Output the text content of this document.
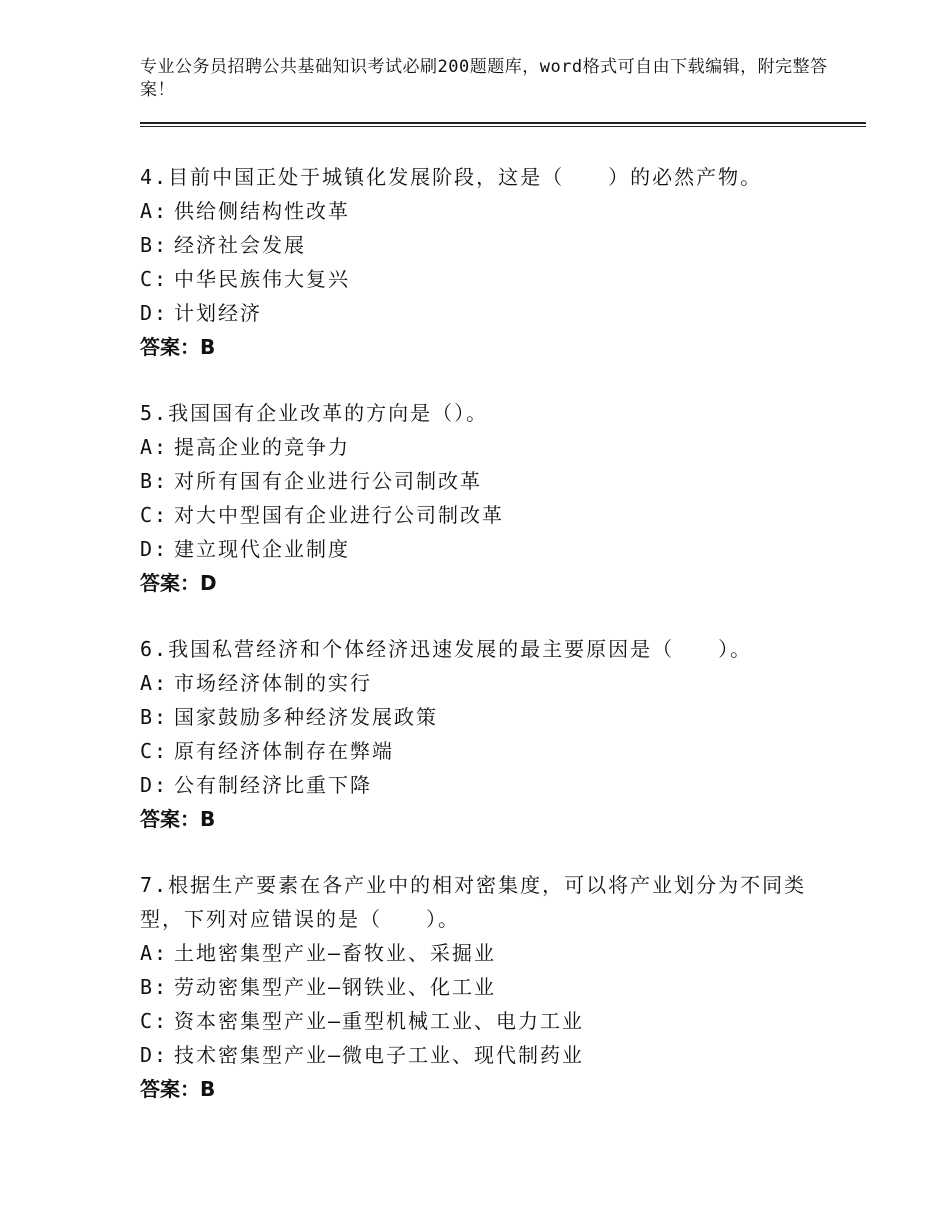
专业公务员招聘公共基础知识考试必刷200题题库，word格式可自由下载编辑，附完整答案！
4.目前中国正处于城镇化发展阶段，这是（　　）的必然产物。
A: 供给侧结构性改革
B: 经济社会发展
C: 中华民族伟大复兴
D: 计划经济
答案：B
5.我国国有企业改革的方向是（）。
A: 提高企业的竞争力
B: 对所有国有企业进行公司制改革
C: 对大中型国有企业进行公司制改革
D: 建立现代企业制度
答案：D
6.我国私营经济和个体经济迅速发展的最主要原因是（　　）。
A: 市场经济体制的实行
B: 国家鼓励多种经济发展政策
C: 原有经济体制存在弊端
D: 公有制经济比重下降
答案：B
7.根据生产要素在各产业中的相对密集度，可以将产业划分为不同类型，下列对应错误的是（　　）。
A: 土地密集型产业—畜牧业、采掘业
B: 劳动密集型产业—钢铁业、化工业
C: 资本密集型产业—重型机械工业、电力工业
D: 技术密集型产业—微电子工业、现代制药业
答案：B
